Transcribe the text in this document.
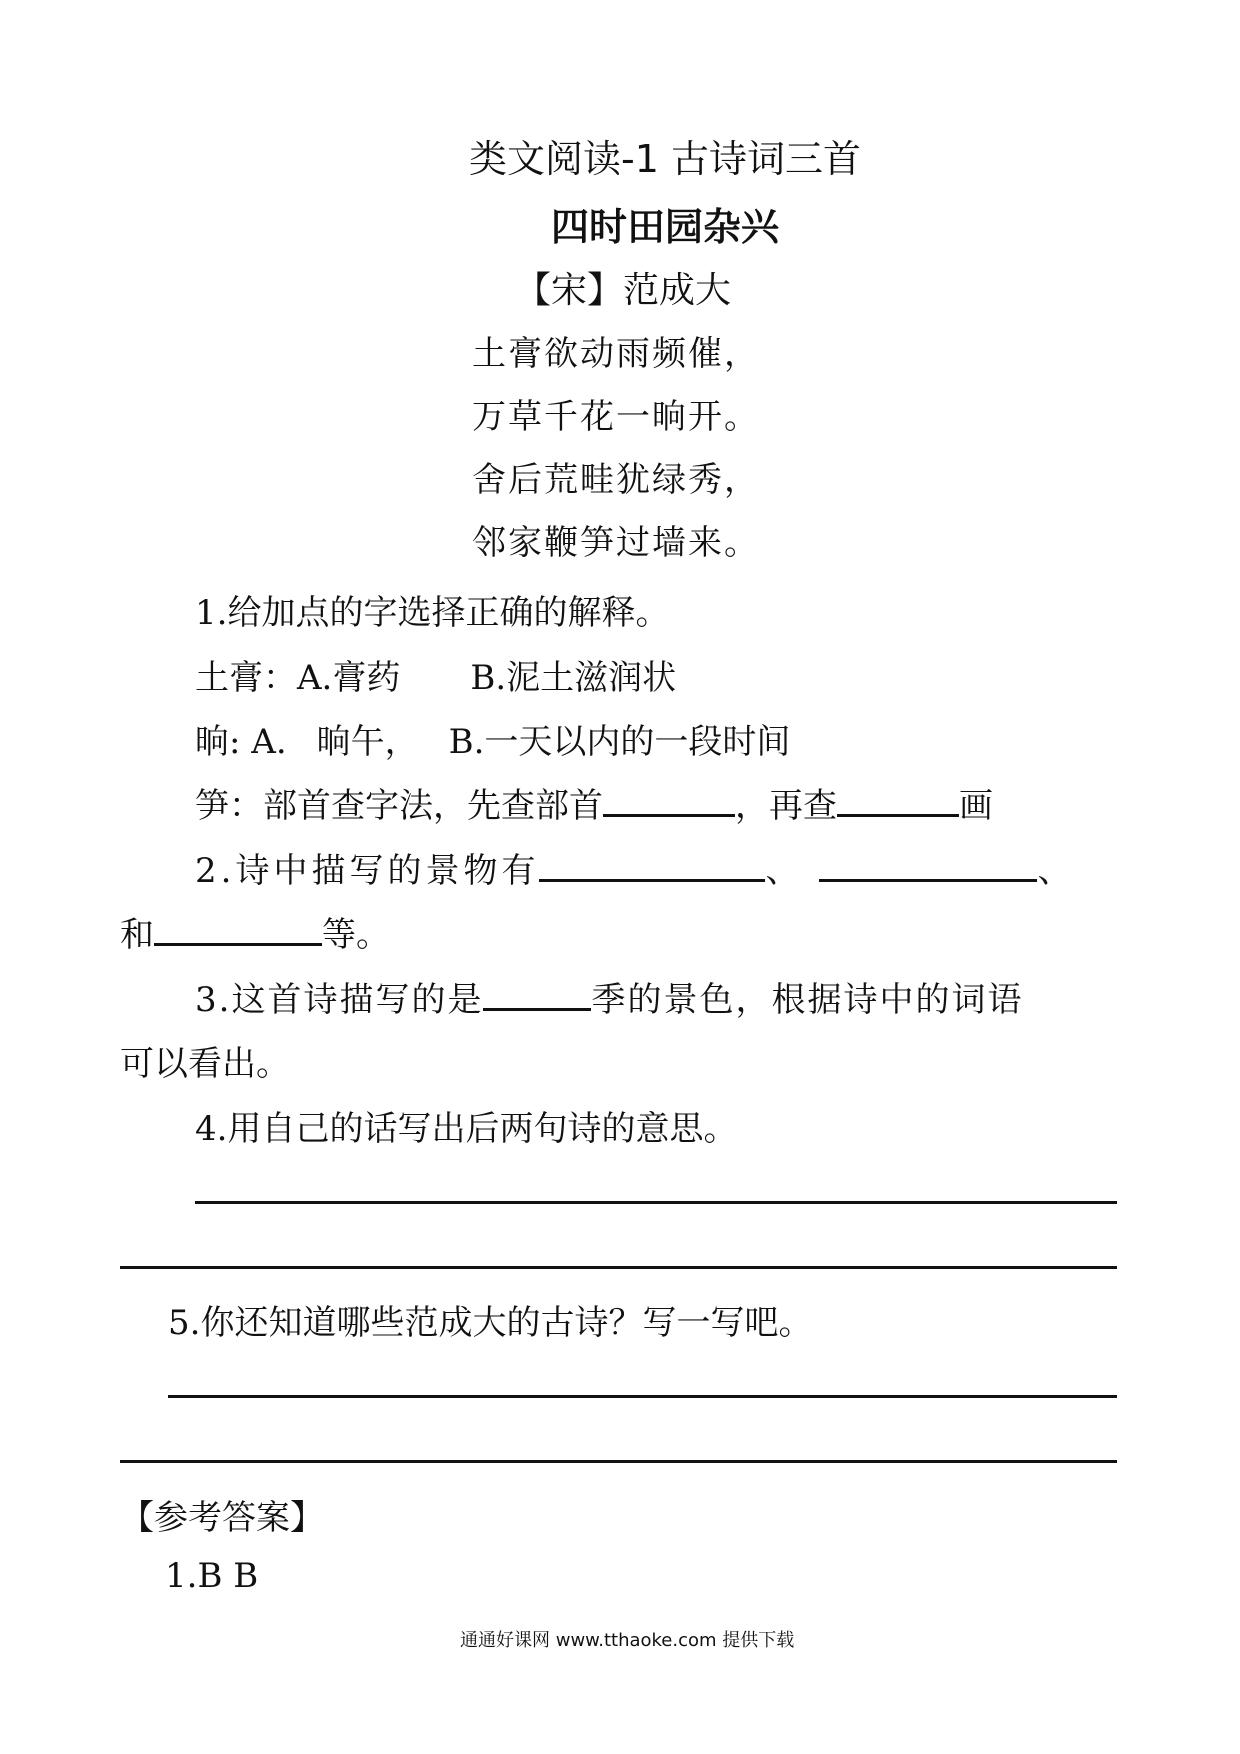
类文阅读-1 古诗词三首
四时田园杂兴
【宋】范成大
土膏欲动雨频催，
万草千花一晌开。
舍后荒畦犹绿秀，
邻家鞭笋过墙来。
1.给加点的字选择正确的解释。
土膏：A.膏药 B.泥土滋润状
晌: A. 晌午， B.一天以内的一段时间
笋：部首查字法，先查部首	，再查	画
2.诗中描写的景物有	、	、
和	等。
3.这首诗描写的是	季的景色，根据诗中的词语
可以看出。
4.用自己的话写出后两句诗的意思。
5.你还知道哪些范成大的古诗？写一写吧。
【参考答案】
1.B B
通通好课网 www.tthaoke.com 提供下载
